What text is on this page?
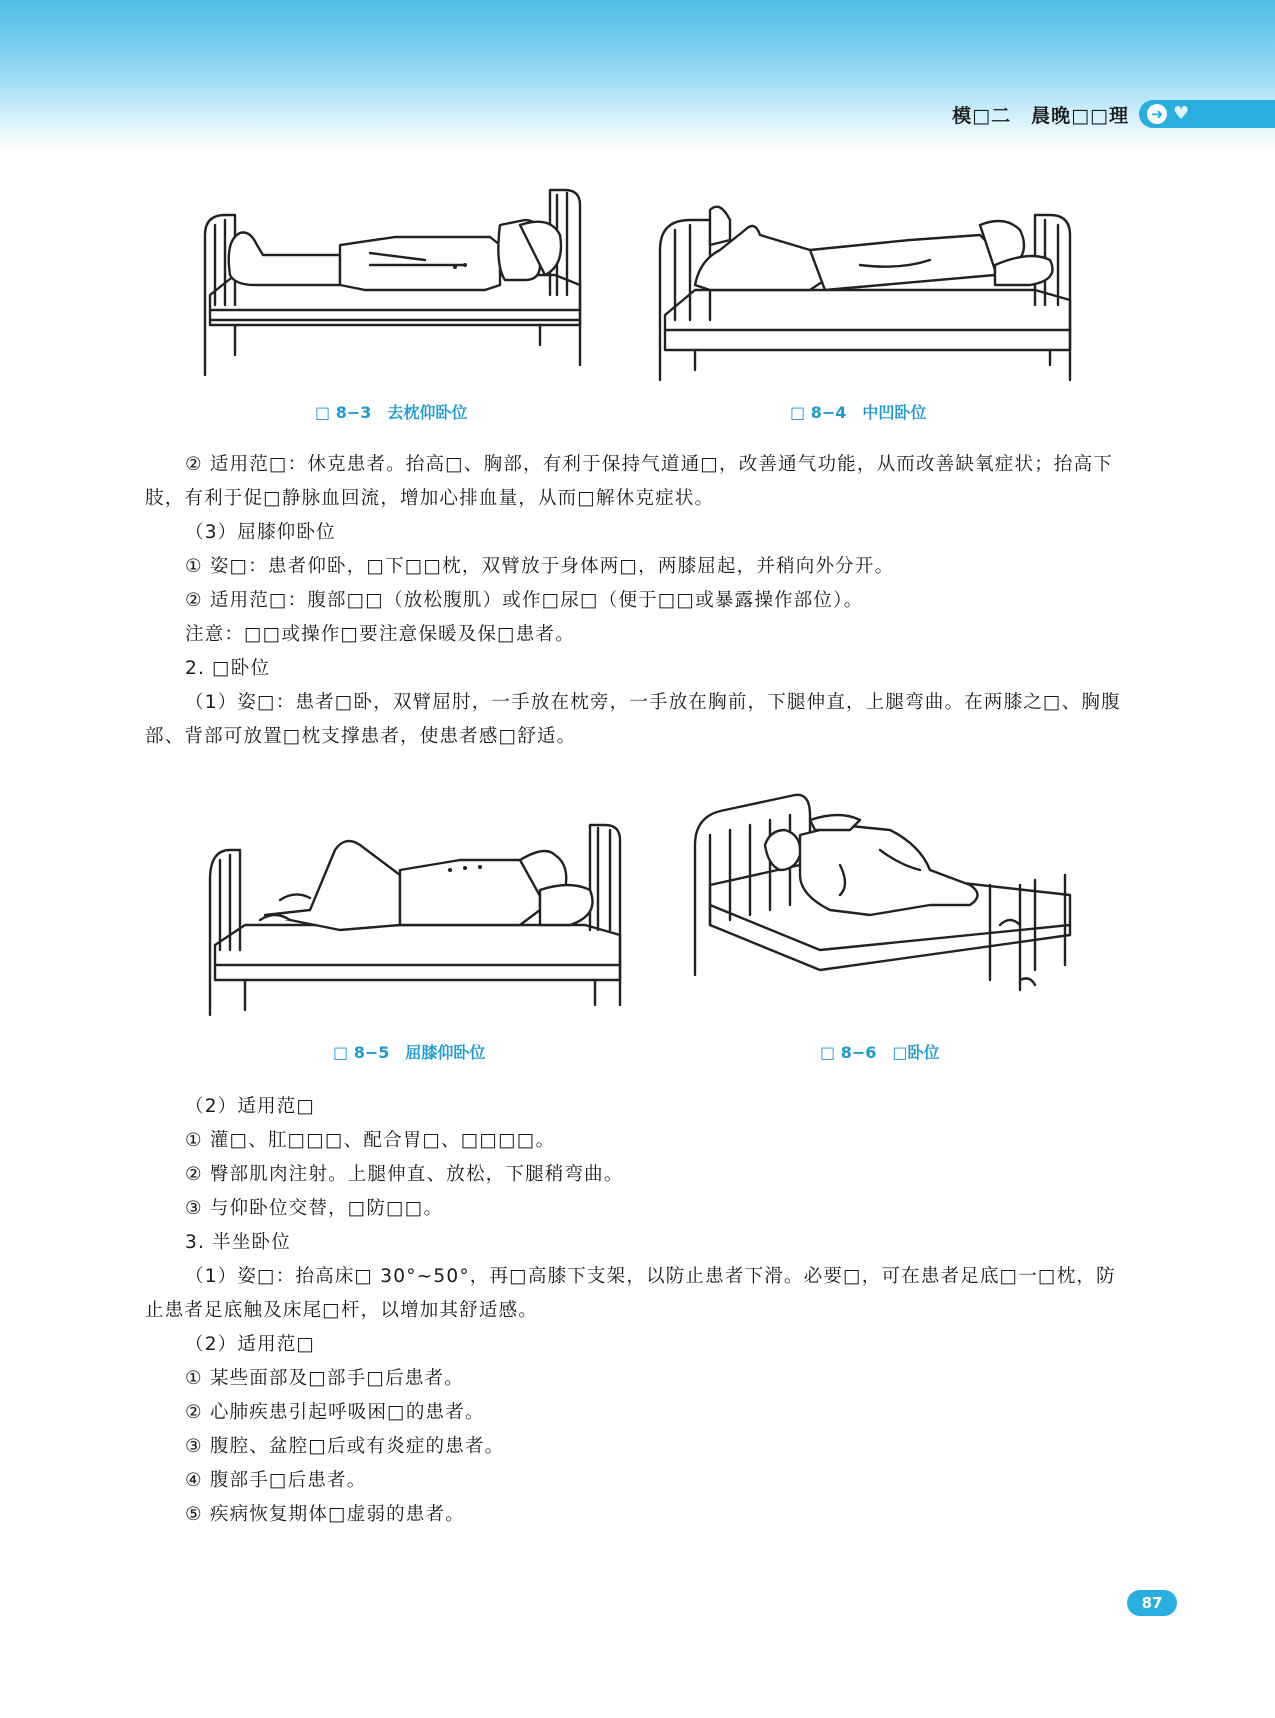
模□二　晨晚□□理 ➜ ♥
□ 8−3　去枕仰卧位	□ 8−4　中凹卧位

② 适用范□：休克患者。抬高□、胸部，有利于保持气道通□，改善通气功能，从而改善缺氧症状；抬高下肢，有利于促□静脉血回流，增加心排血量，从而□解休克症状。

（3）屈膝仰卧位

① 姿□：患者仰卧，□下□□枕，双臂放于身体两□，两膝屈起，并稍向外分开。

② 适用范□：腹部□□（放松腹肌）或作□尿□（便于□□或暴露操作部位）。

注意：□□或操作□要注意保暖及保□患者。

2. □卧位

（1）姿□：患者□卧，双臂屈肘，一手放在枕旁，一手放在胸前，下腿伸直，上腿弯曲。在两膝之□、胸腹部、背部可放置□枕支撑患者，使患者感□舒适。

□ 8−5　屈膝仰卧位	□ 8−6　□卧位

（2）适用范□

① 灌□、肛□□□、配合胃□、□□□□。

② 臀部肌肉注射。上腿伸直、放松，下腿稍弯曲。

③ 与仰卧位交替，□防□□。

3. 半坐卧位

（1）姿□：抬高床□ 30°~50°，再□高膝下支架，以防止患者下滑。必要□，可在患者足底□一□枕，防止患者足底触及床尾□杆，以增加其舒适感。

（2）适用范□

① 某些面部及□部手□后患者。

② 心肺疾患引起呼吸困□的患者。

③ 腹腔、盆腔□后或有炎症的患者。

④ 腹部手□后患者。

⑤ 疾病恢复期体□虚弱的患者。

87
